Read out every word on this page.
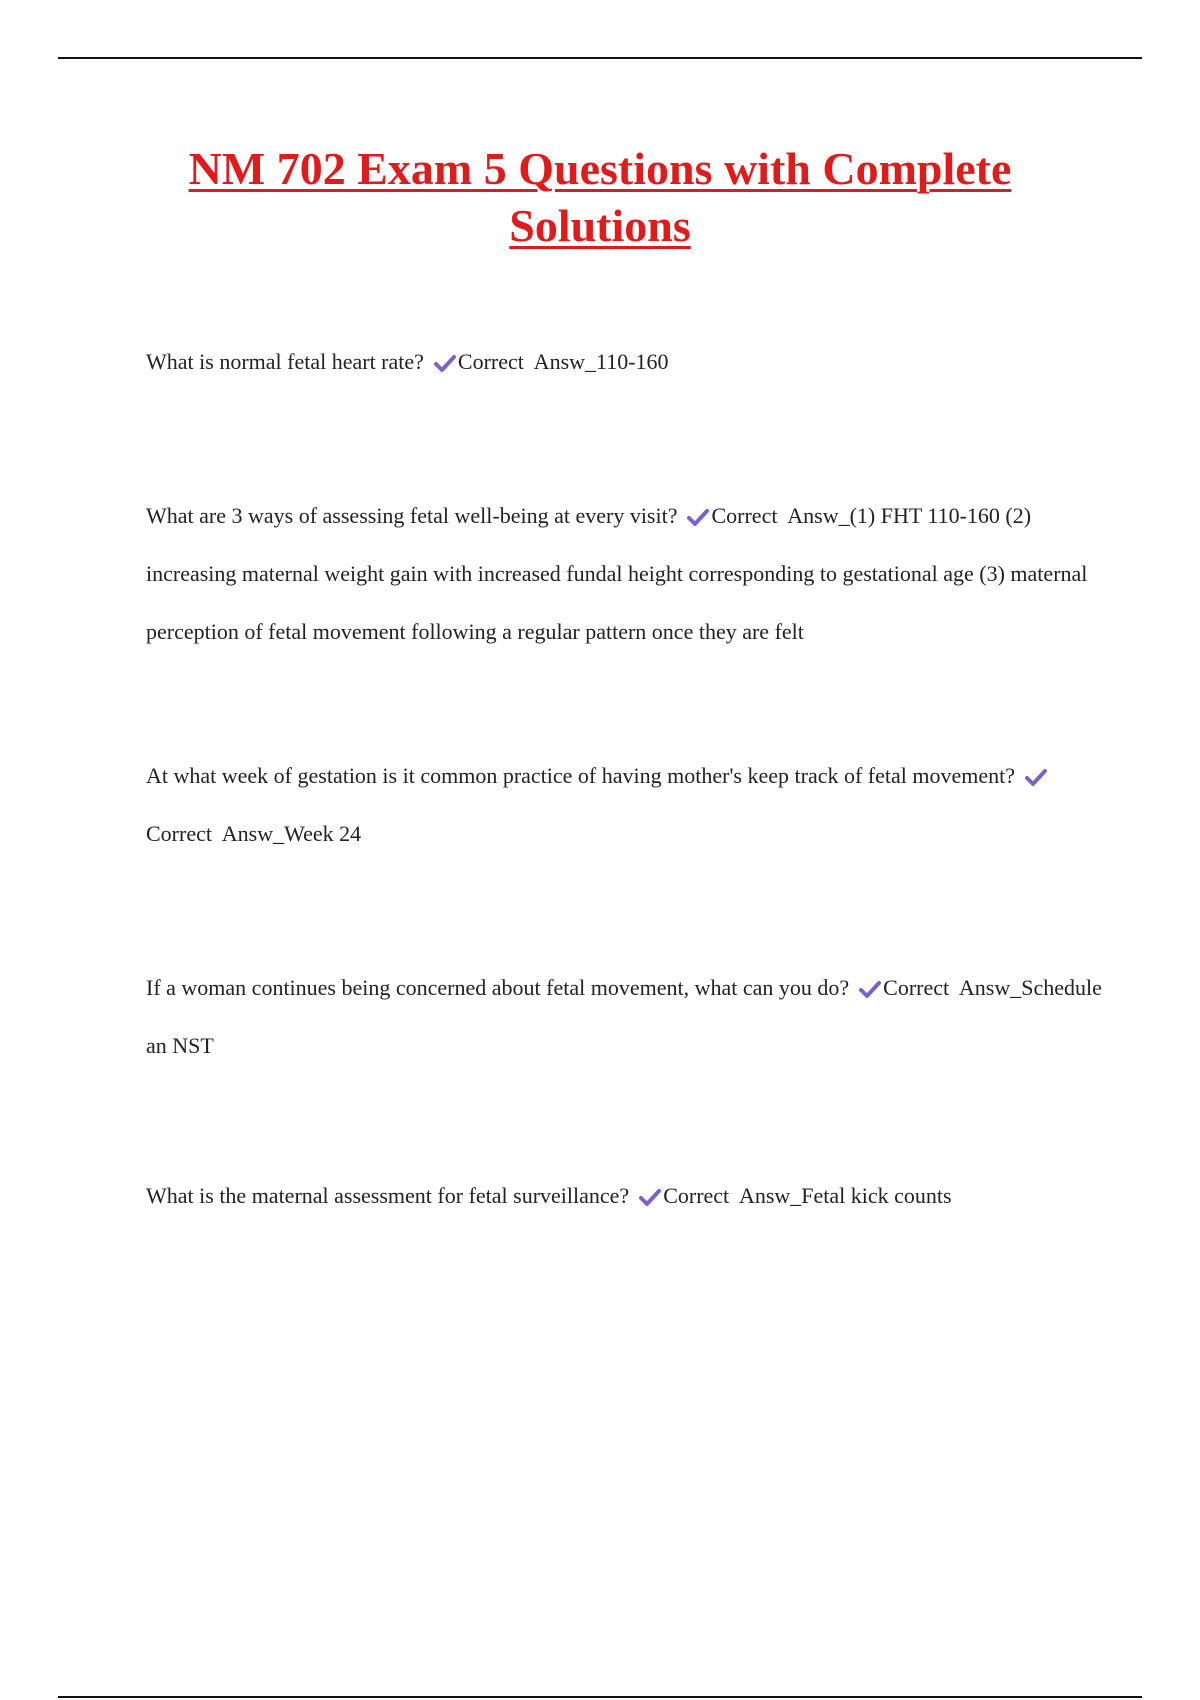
NM 702 Exam 5 Questions with Complete Solutions

What is normal fetal heart rate? Correct  Answ_110-160

What are 3 ways of assessing fetal well-being at every visit? Correct  Answ_(1) FHT 110-160 (2) increasing maternal weight gain with increased fundal height corresponding to gestational age (3) maternal perception of fetal movement following a regular pattern once they are felt

At what week of gestation is it common practice of having mother's keep track of fetal movement?
Correct  Answ_Week 24

If a woman continues being concerned about fetal movement, what can you do? Correct  Answ_Schedule an NST

What is the maternal assessment for fetal surveillance? Correct  Answ_Fetal kick counts
